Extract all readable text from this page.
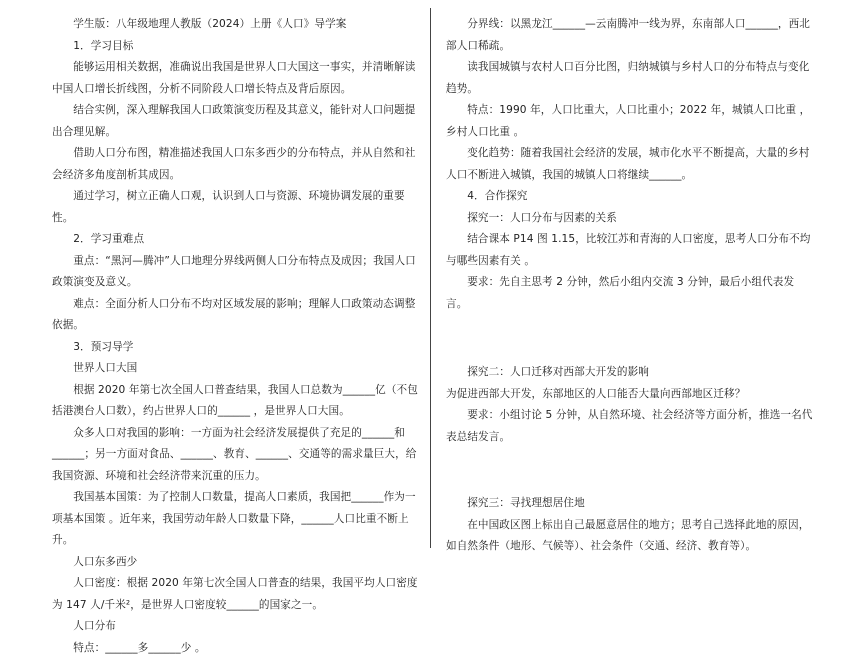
学生版：八年级地理人教版（2024）上册《人口》导学案

1．学习目标

能够运用相关数据，准确说出我国是世界人口大国这一事实，并清晰解读中国人口增长折线图，分析不同阶段人口增长特点及背后原因。

结合实例，深入理解我国人口政策演变历程及其意义，能针对人口问题提出合理见解。

借助人口分布图，精准描述我国人口东多西少的分布特点，并从自然和社会经济多角度剖析其成因。

通过学习，树立正确人口观，认识到人口与资源、环境协调发展的重要性。

2．学习重难点

重点：“黑河—腾冲”人口地理分界线两侧人口分布特点及成因；我国人口政策演变及意义。

难点：全面分析人口分布不均对区域发展的影响；理解人口政策动态调整依据。

3．预习导学

世界人口大国

根据 2020 年第七次全国人口普查结果，我国人口总数为______亿（不包括港澳台人口数），约占世界人口的______ ，是世界人口大国。

众多人口对我国的影响：一方面为社会经济发展提供了充足的______和______；另一方面对食品、______、教育、______、交通等的需求量巨大，给我国资源、环境和社会经济带来沉重的压力。

我国基本国策：为了控制人口数量，提高人口素质，我国把______作为一项基本国策 。近年来，我国劳动年龄人口数量下降，______人口比重不断上升。

人口东多西少

人口密度：根据 2020 年第七次全国人口普查的结果，我国平均人口密度为 147 人/千米²，是世界人口密度较______的国家之一。

人口分布

特点：______多______少 。

分界线：以黑龙江______—云南腾冲一线为界，东南部人口______，西北部人口稀疏。

读我国城镇与农村人口百分比图，归纳城镇与乡村人口的分布特点与变化趋势。

特点：1990 年，人口比重大，人口比重小；2022 年，城镇人口比重 ，乡村人口比重 。

变化趋势：随着我国社会经济的发展，城市化水平不断提高，大量的乡村人口不断进入城镇，我国的城镇人口将继续______。

4．合作探究

探究一：人口分布与因素的关系

结合课本 P14 图 1.15，比较江苏和青海的人口密度，思考人口分布不均与哪些因素有关 。

要求：先自主思考 2 分钟，然后小组内交流 3 分钟，最后小组代表发言。

探究二：人口迁移对西部大开发的影响

为促进西部大开发，东部地区的人口能否大量向西部地区迁移？

要求：小组讨论 5 分钟，从自然环境、社会经济等方面分析，推选一名代表总结发言。

探究三：寻找理想居住地

在中国政区图上标出自己最愿意居住的地方；思考自己选择此地的原因，如自然条件（地形、气候等）、社会条件（交通、经济、教育等）。
